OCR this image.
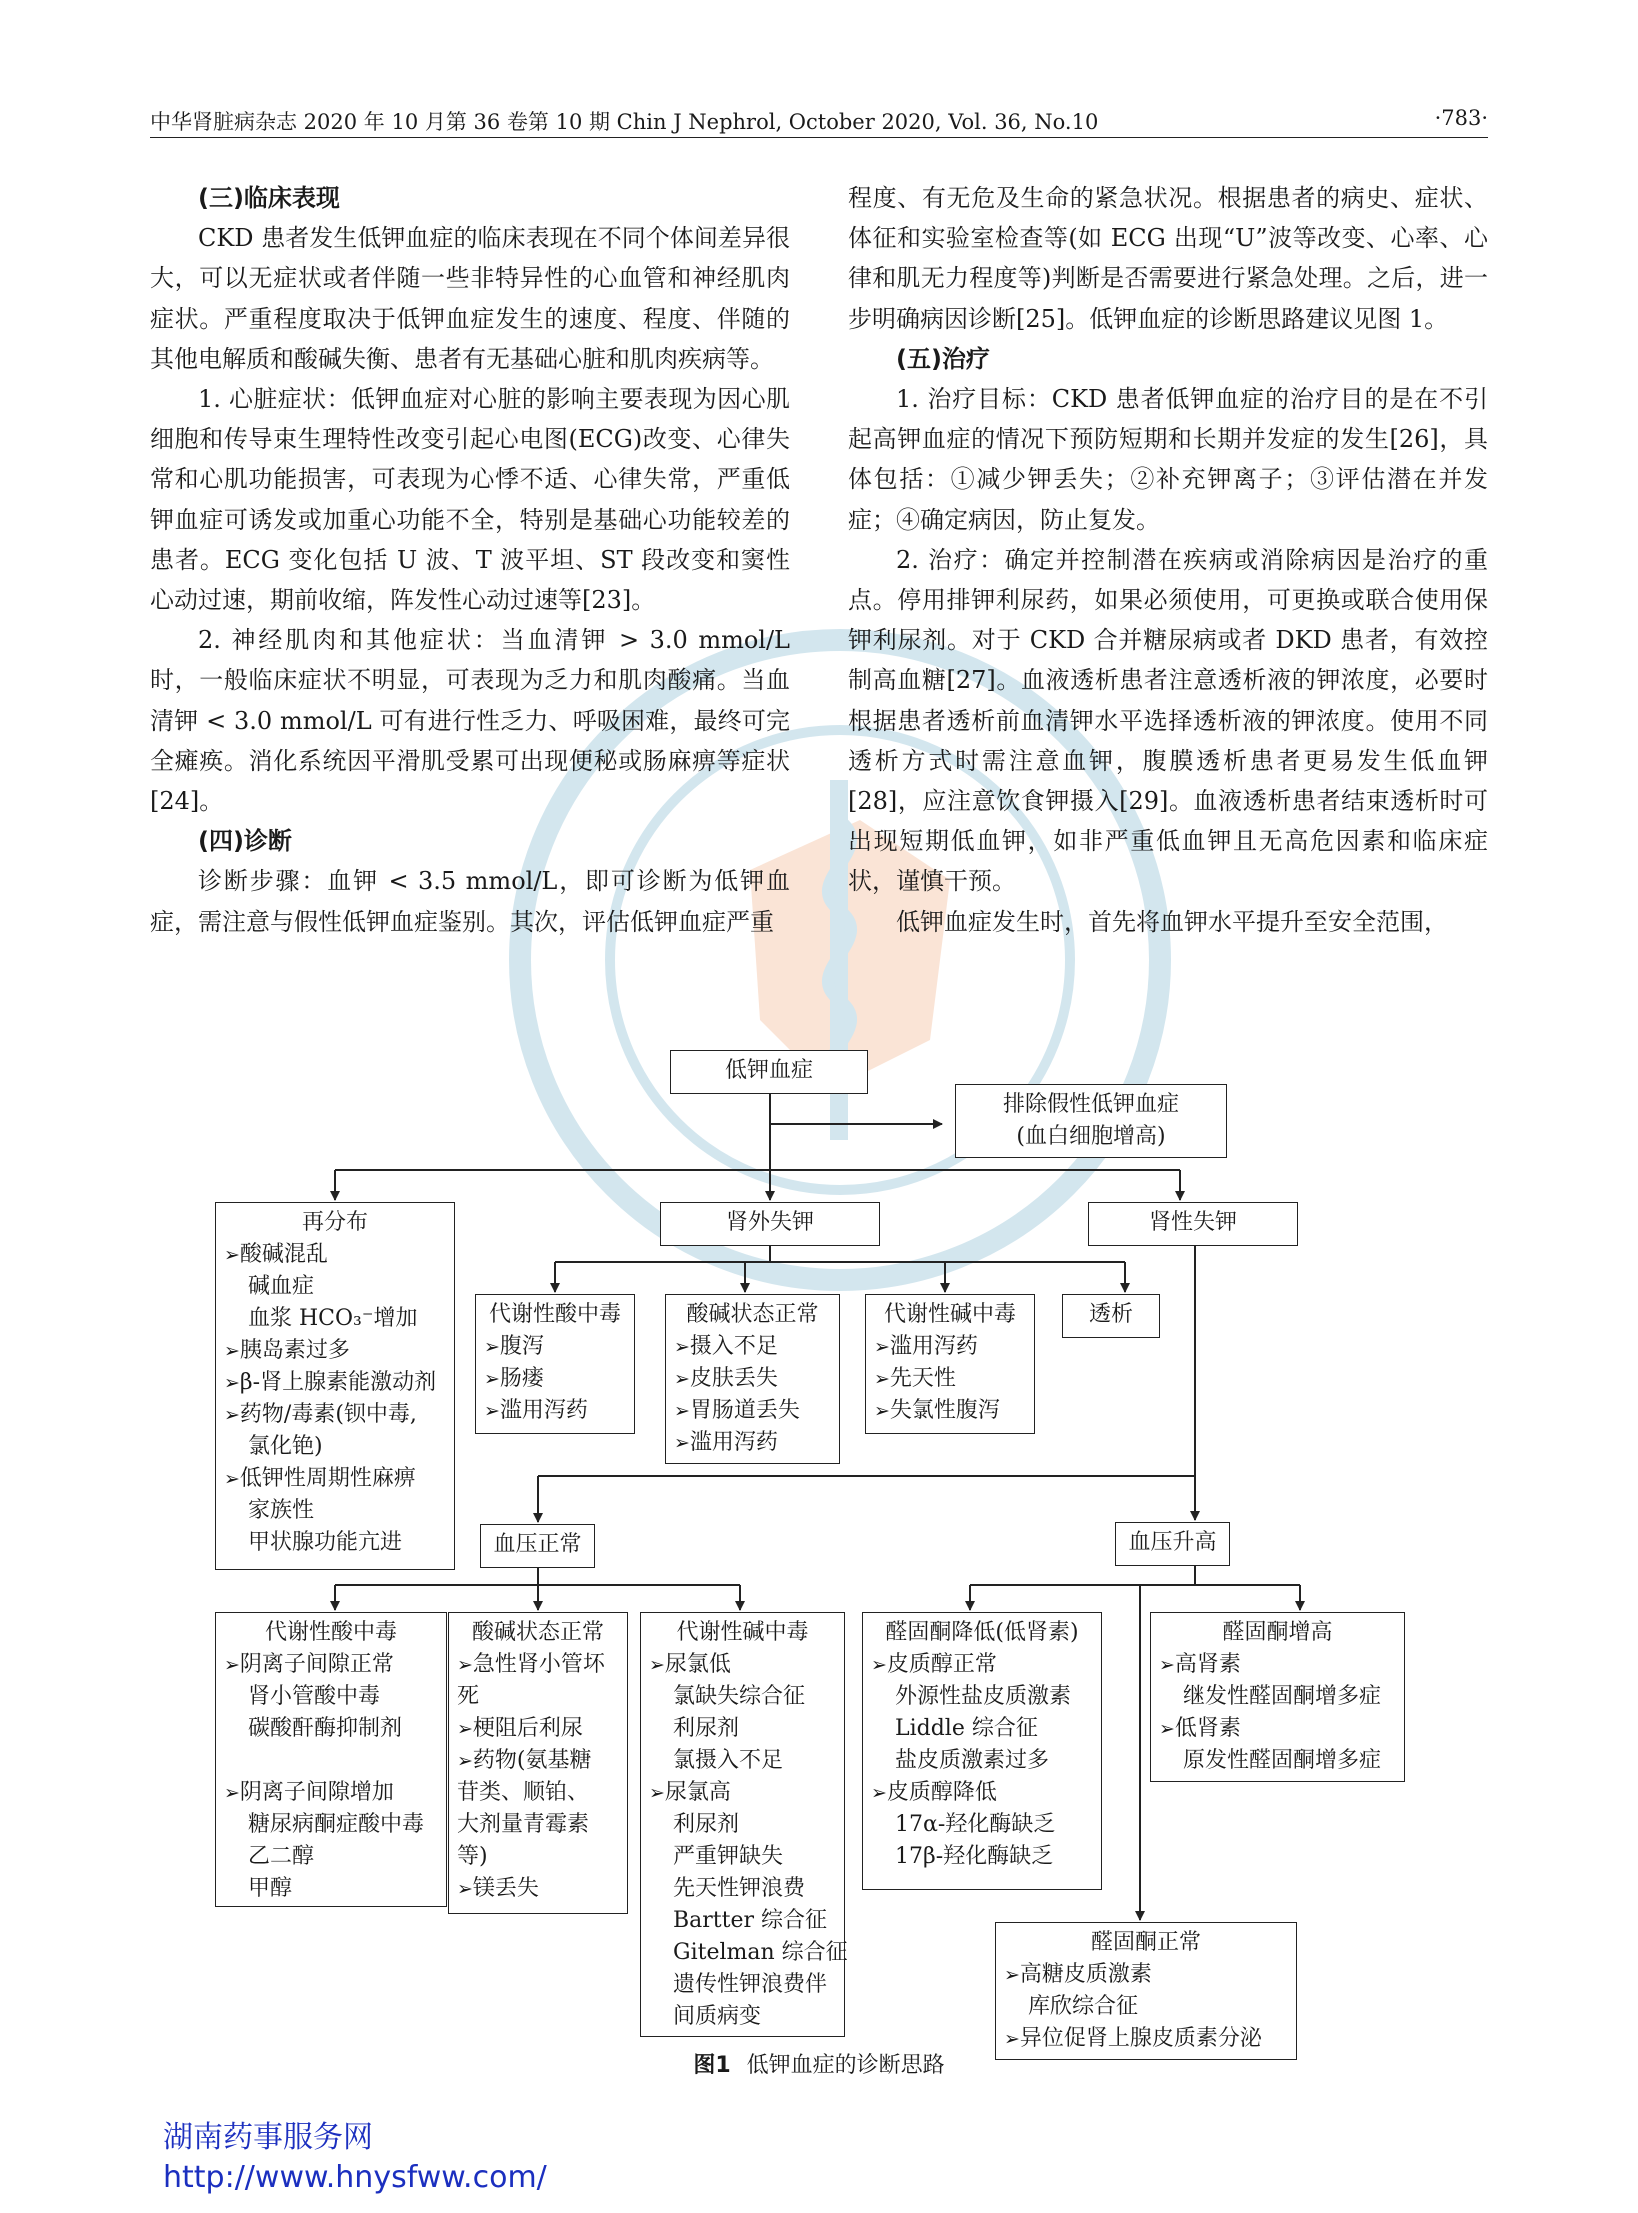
中华肾脏病杂志 2020 年 10 月第 36 卷第 10 期 Chin J Nephrol, October 2020, Vol. 36, No.10	·783·
(三)临床表现

CKD 患者发生低钾血症的临床表现在不同个体间差异很大，可以无症状或者伴随一些非特异性的心血管和神经肌肉症状。严重程度取决于低钾血症发生的速度、程度、伴随的其他电解质和酸碱失衡、患者有无基础心脏和肌肉疾病等。

1. 心脏症状：低钾血症对心脏的影响主要表现为因心肌细胞和传导束生理特性改变引起心电图(ECG)改变、心律失常和心肌功能损害，可表现为心悸不适、心律失常，严重低钾血症可诱发或加重心功能不全，特别是基础心功能较差的患者。ECG 变化包括 U 波、T 波平坦、ST 段改变和窦性心动过速，期前收缩，阵发性心动过速等[23]。

2. 神经肌肉和其他症状：当血清钾 > 3.0 mmol/L 时，一般临床症状不明显，可表现为乏力和肌肉酸痛。当血清钾 < 3.0 mmol/L 可有进行性乏力、呼吸困难，最终可完全瘫痪。消化系统因平滑肌受累可出现便秘或肠麻痹等症状[24]。

(四)诊断

诊断步骤：血钾 < 3.5 mmol/L，即可诊断为低钾血症，需注意与假性低钾血症鉴别。其次，评估低钾血症严重

程度、有无危及生命的紧急状况。根据患者的病史、症状、体征和实验室检查等(如 ECG 出现“U”波等改变、心率、心律和肌无力程度等)判断是否需要进行紧急处理。之后，进一步明确病因诊断[25]。低钾血症的诊断思路建议见图 1。

(五)治疗

1. 治疗目标：CKD 患者低钾血症的治疗目的是在不引起高钾血症的情况下预防短期和长期并发症的发生[26]，具体包括：①减少钾丢失；②补充钾离子；③评估潜在并发症；④确定病因，防止复发。

2. 治疗：确定并控制潜在疾病或消除病因是治疗的重点。停用排钾利尿药，如果必须使用，可更换或联合使用保钾利尿剂。对于 CKD 合并糖尿病或者 DKD 患者，有效控制高血糖[27]。血液透析患者注意透析液的钾浓度，必要时根据患者透析前血清钾水平选择透析液的钾浓度。使用不同透析方式时需注意血钾，腹膜透析患者更易发生低血钾[28]，应注意饮食钾摄入[29]。血液透析患者结束透析时可出现短期低血钾，如非严重低血钾且无高危因素和临床症状，谨慎干预。

低钾血症发生时，首先将血钾水平提升至安全范围，

低钾血症
排除假性低钾血症
(血白细胞增高)
再分布
➢酸碱混乱
碱血症
血浆 HCO₃⁻增加
➢胰岛素过多
➢β-肾上腺素能激动剂
➢药物/毒素(钡中毒,
氯化铯)
➢低钾性周期性麻痹
家族性
甲状腺功能亢进
肾外失钾	肾性失钾
代谢性酸中毒
➢腹泻
➢肠瘘
➢滥用泻药
酸碱状态正常
➢摄入不足
➢皮肤丢失
➢胃肠道丢失
➢滥用泻药
代谢性碱中毒
➢滥用泻药
➢先天性
➢失氯性腹泻
透析
血压正常	血压升高
代谢性酸中毒
➢阴离子间隙正常
肾小管酸中毒
碳酸酐酶抑制剂

➢阴离子间隙增加
糖尿病酮症酸中毒
乙二醇
甲醇
酸碱状态正常
➢急性肾小管坏
死
➢梗阻后利尿
➢药物(氨基糖
苷类、顺铂、
大剂量青霉素
等)
➢镁丢失
代谢性碱中毒
➢尿氯低
氯缺失综合征
利尿剂
氯摄入不足
➢尿氯高
利尿剂
严重钾缺失
先天性钾浪费
Bartter 综合征
Gitelman 综合征
遗传性钾浪费伴
间质病变
醛固酮降低(低肾素)
➢皮质醇正常
外源性盐皮质激素
Liddle 综合征
盐皮质激素过多
➢皮质醇降低
17α-羟化酶缺乏
17β-羟化酶缺乏
醛固酮增高
➢高肾素
继发性醛固酮增多症
➢低肾素
原发性醛固酮增多症
醛固酮正常
➢高糖皮质激素
库欣综合征
➢异位促肾上腺皮质素分泌
图1 低钾血症的诊断思路
湖南药事服务网
http://www.hnysfww.com/
